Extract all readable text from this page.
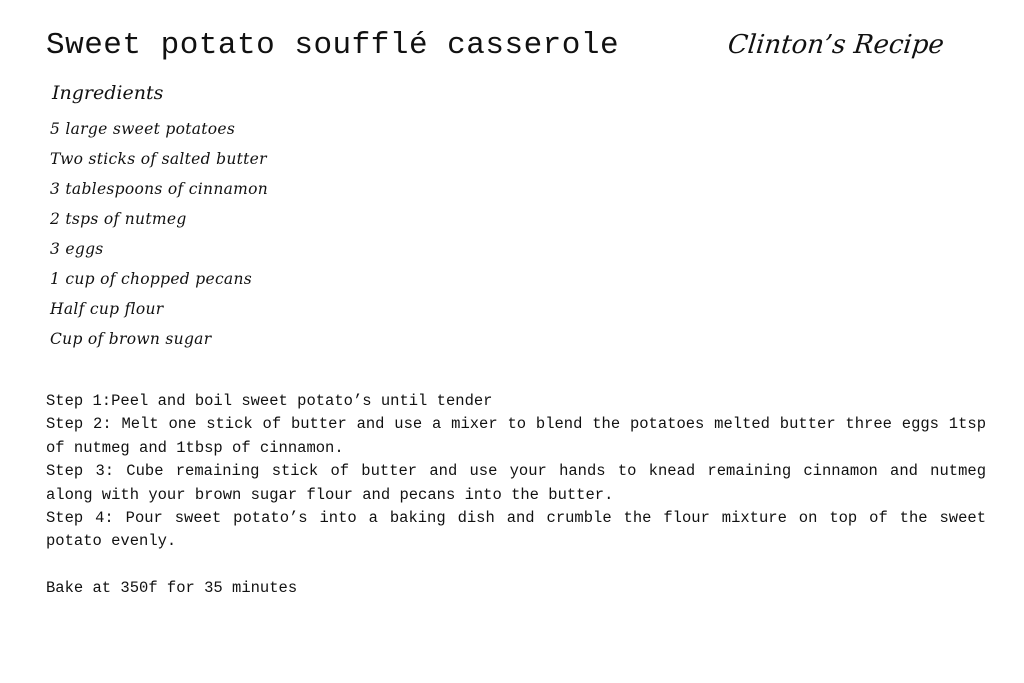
Sweet potato soufflé casserole	Clinton’s Recipe
Ingredients
5 large sweet potatoes
Two sticks of salted butter
3 tablespoons of cinnamon
2 tsps of nutmeg
3 eggs
1 cup of chopped pecans
Half cup flour
Cup of brown sugar

Step 1:Peel and boil sweet potato’s until tender

Step 2: Melt one stick of butter and use a mixer to blend the potatoes melted butter three eggs 1tsp of nutmeg and 1tbsp of cinnamon.

Step 3: Cube remaining stick of butter and use your hands to knead remaining cinnamon and nutmeg along with your brown sugar flour and pecans into the butter.

Step 4: Pour sweet potato’s into a baking dish and crumble the flour mixture on top of the sweet potato evenly.

Bake at 350f for 35 minutes
